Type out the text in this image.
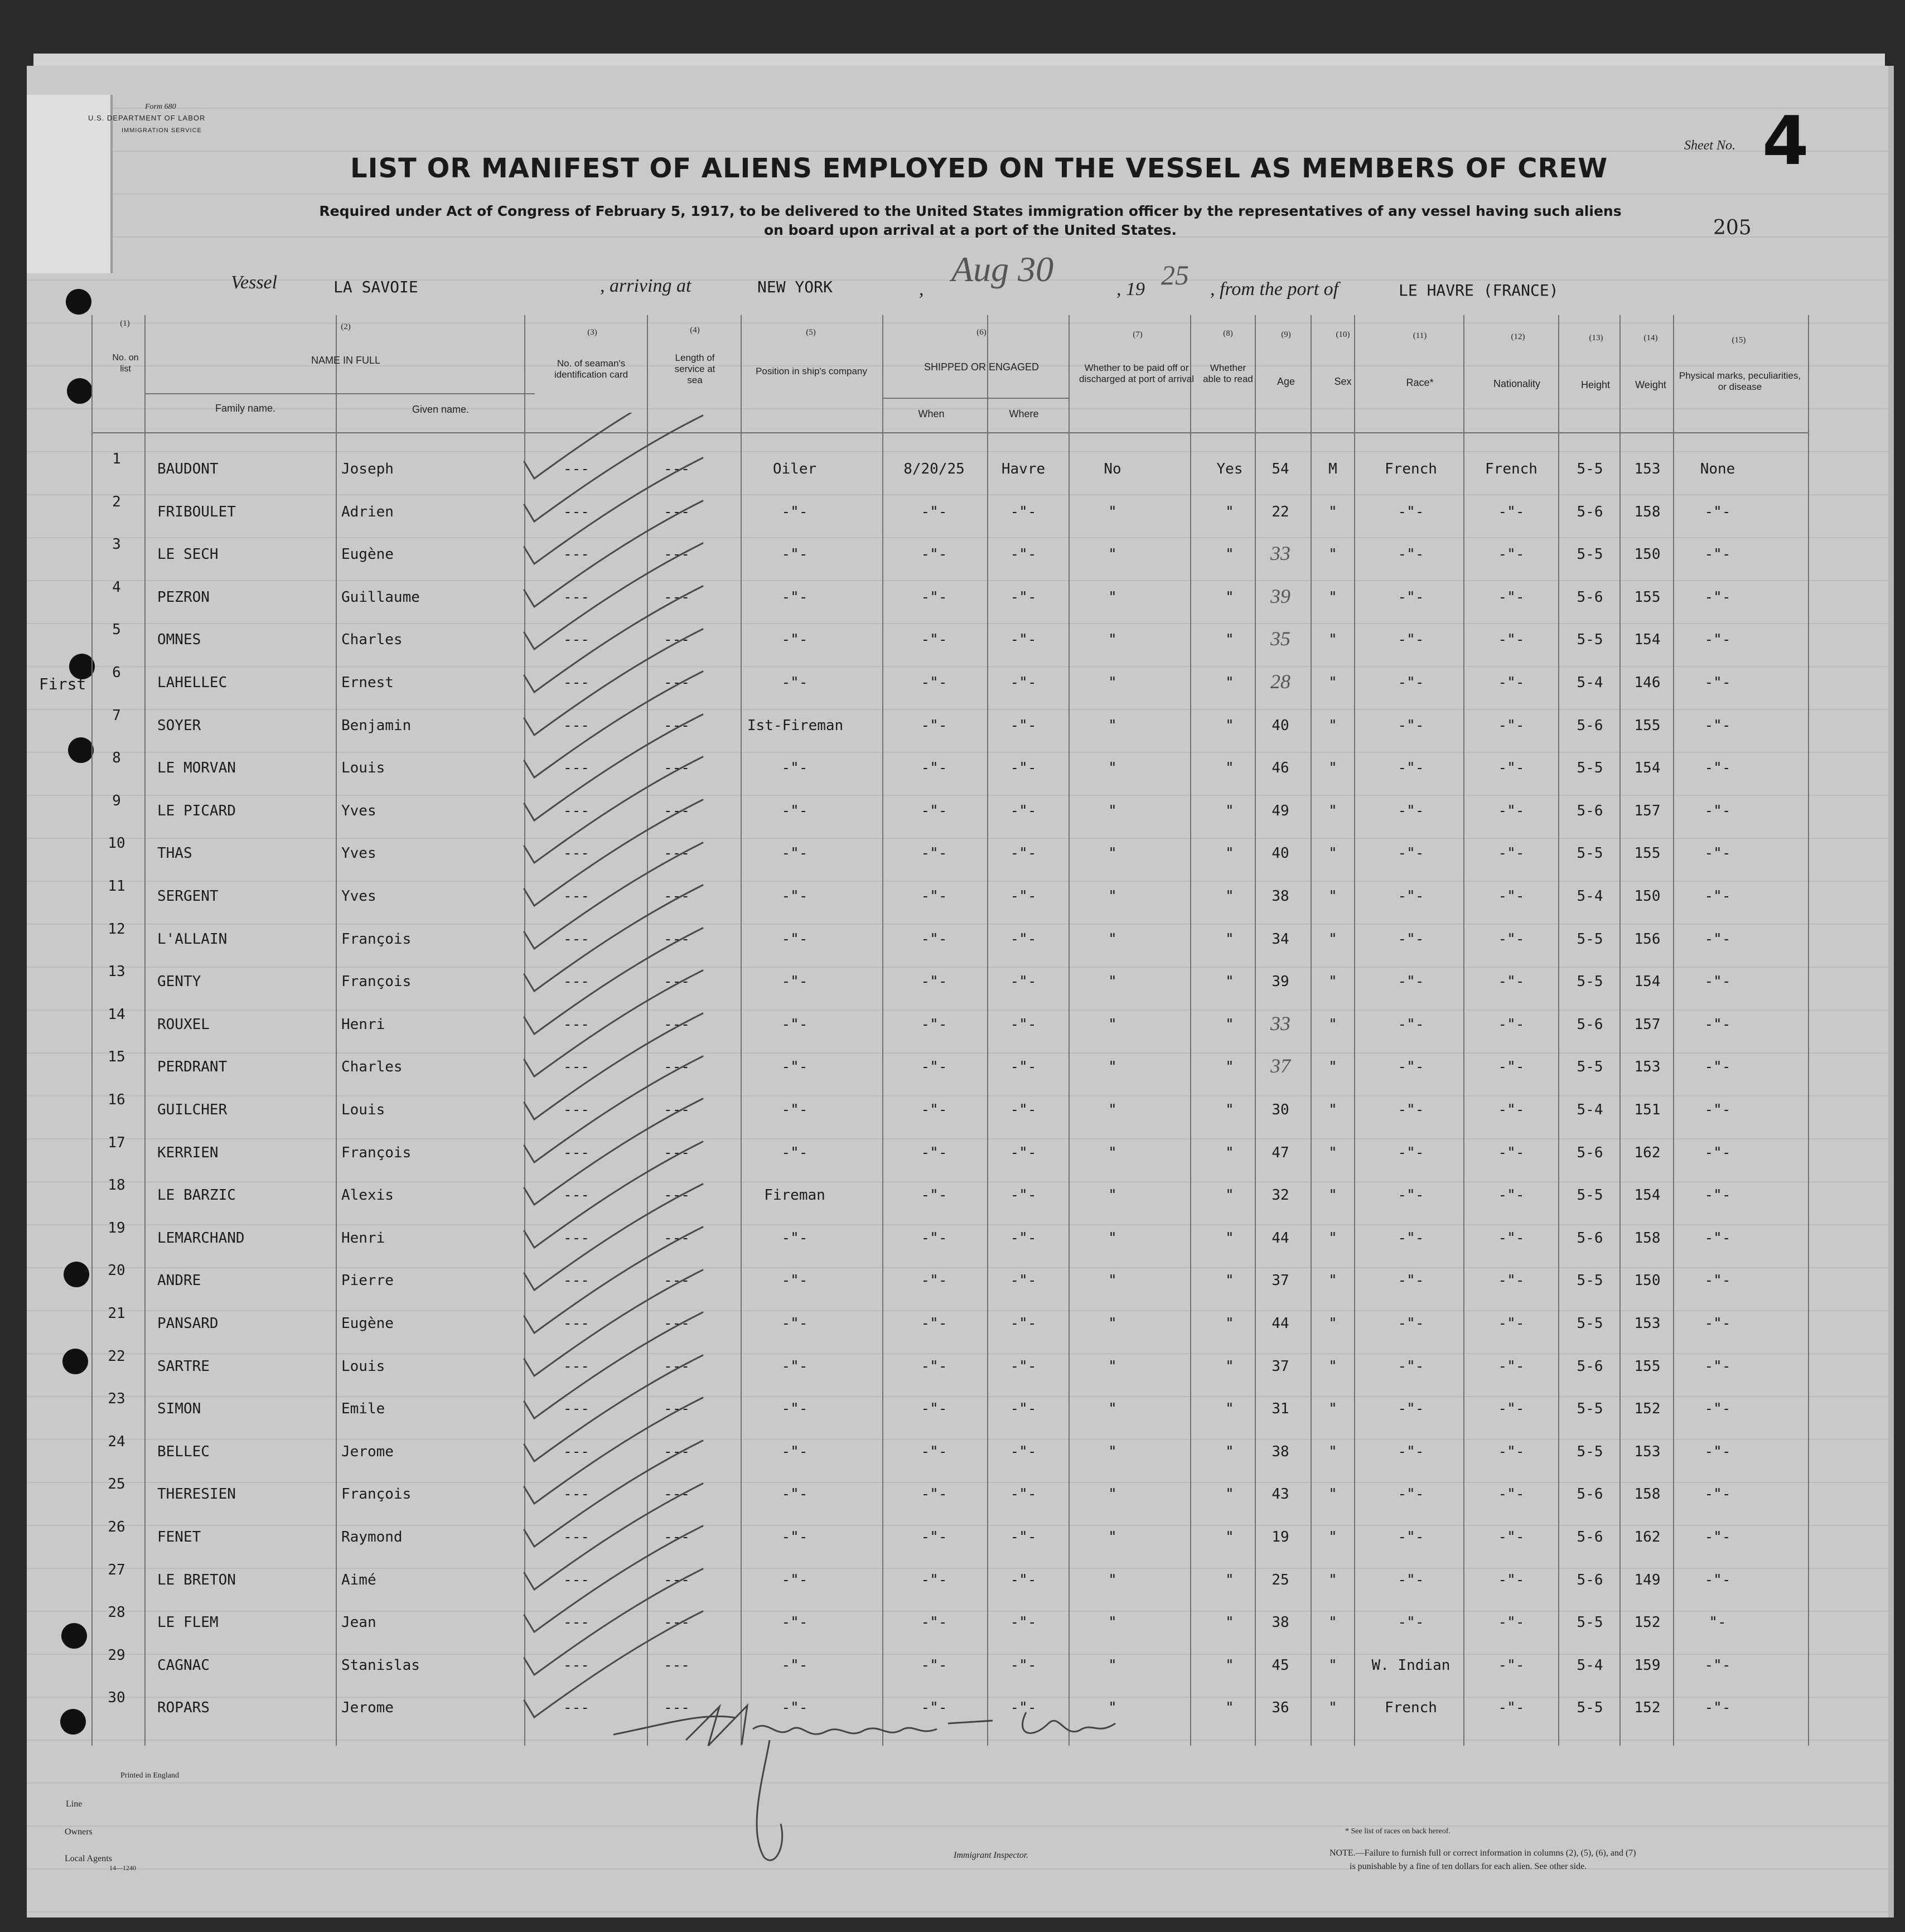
Form 680
U.S. DEPARTMENT OF LABOR
IMMIGRATION SERVICE
LIST OR MANIFEST OF ALIENS EMPLOYED ON THE VESSEL AS MEMBERS OF CREW
Required under Act of Congress of February 5, 1917, to be delivered to the United States immigration officer by the representatives of any vessel having such aliens
on board upon arrival at a port of the United States.
Sheet No. 4
205
Vessel	LA SAVOIE	, arriving at	NEW YORK	,
Aug 30
, 19 25 , from the port of	LE HAVRE (FRANCE)
(1)
No. on list
(2)
NAME IN FULL
Family name.	Given name.
(3)
No. of seaman's identification card
(4)
Length of service at sea
(5)
Position in ship's company
(6)
SHIPPED OR ENGAGED
When	Where
(7)
Whether to be paid off or discharged at port of arrival
(8)
Whether able to read
(9)
Age
(10)
Sex
(11)
Race*
(12)
Nationality
(13)
Height
(14)
Weight
(15)
Physical marks, peculiarities, or disease
First
1
BAUDONT	Joseph	---	---	Oiler	8/20/25	Havre	No	Yes	54	M	French	French	5-5	153	None
2
FRIBOULET	Adrien	---	---	-"-	-"-	-"-	"	"	22	"	-"-	-"-	5-6	158	-"-
3
LE SECH	Eugène	---	---	-"-	-"-	-"-	"	"	33	"	-"-	-"-	5-5	150	-"-
4
PEZRON	Guillaume	---	---	-"-	-"-	-"-	"	"	39	"	-"-	-"-	5-6	155	-"-
5
OMNES	Charles	---	---	-"-	-"-	-"-	"	"	35	"	-"-	-"-	5-5	154	-"-
6
LAHELLEC	Ernest	---	---	-"-	-"-	-"-	"	"	28	"	-"-	-"-	5-4	146	-"-
7
SOYER	Benjamin	---	---	Ist-Fireman	-"-	-"-	"	"	40	"	-"-	-"-	5-6	155	-"-
8
LE MORVAN	Louis	---	---	-"-	-"-	-"-	"	"	46	"	-"-	-"-	5-5	154	-"-
9
LE PICARD	Yves	---	---	-"-	-"-	-"-	"	"	49	"	-"-	-"-	5-6	157	-"-
10
THAS	Yves	---	---	-"-	-"-	-"-	"	"	40	"	-"-	-"-	5-5	155	-"-
11
SERGENT	Yves	---	---	-"-	-"-	-"-	"	"	38	"	-"-	-"-	5-4	150	-"-
12
L'ALLAIN	François	---	---	-"-	-"-	-"-	"	"	34	"	-"-	-"-	5-5	156	-"-
13
GENTY	François	---	---	-"-	-"-	-"-	"	"	39	"	-"-	-"-	5-5	154	-"-
14
ROUXEL	Henri	---	---	-"-	-"-	-"-	"	"	33	"	-"-	-"-	5-6	157	-"-
15
PERDRANT	Charles	---	---	-"-	-"-	-"-	"	"	37	"	-"-	-"-	5-5	153	-"-
16
GUILCHER	Louis	---	---	-"-	-"-	-"-	"	"	30	"	-"-	-"-	5-4	151	-"-
17
KERRIEN	François	---	---	-"-	-"-	-"-	"	"	47	"	-"-	-"-	5-6	162	-"-
18
LE BARZIC	Alexis	---	---	Fireman	-"-	-"-	"	"	32	"	-"-	-"-	5-5	154	-"-
19
LEMARCHAND	Henri	---	---	-"-	-"-	-"-	"	"	44	"	-"-	-"-	5-6	158	-"-
20
ANDRE	Pierre	---	---	-"-	-"-	-"-	"	"	37	"	-"-	-"-	5-5	150	-"-
21
PANSARD	Eugène	---	---	-"-	-"-	-"-	"	"	44	"	-"-	-"-	5-5	153	-"-
22
SARTRE	Louis	---	---	-"-	-"-	-"-	"	"	37	"	-"-	-"-	5-6	155	-"-
23
SIMON	Emile	---	---	-"-	-"-	-"-	"	"	31	"	-"-	-"-	5-5	152	-"-
24
BELLEC	Jerome	---	---	-"-	-"-	-"-	"	"	38	"	-"-	-"-	5-5	153	-"-
25
THERESIEN	François	---	---	-"-	-"-	-"-	"	"	43	"	-"-	-"-	5-6	158	-"-
26
FENET	Raymond	---	---	-"-	-"-	-"-	"	"	19	"	-"-	-"-	5-6	162	-"-
27
LE BRETON	Aimé	---	---	-"-	-"-	-"-	"	"	25	"	-"-	-"-	5-6	149	-"-
28
LE FLEM	Jean	---	---	-"-	-"-	-"-	"	"	38	"	-"-	-"-	5-5	152	"-
29
CAGNAC	Stanislas	---	---	-"-	-"-	-"-	"	"	45	"	W. Indian	-"-	5-4	159	-"-
30
ROPARS	Jerome	---	---	-"-	-"-	-"-	"	"	36	"	French	-"-	5-5	152	-"-
Printed in England
Line
Owners
Local Agents
14—1240
Immigrant Inspector.
* See list of races on back hereof.
NOTE.—Failure to furnish full or correct information in columns (2), (5), (6), and (7)
is punishable by a fine of ten dollars for each alien. See other side.
